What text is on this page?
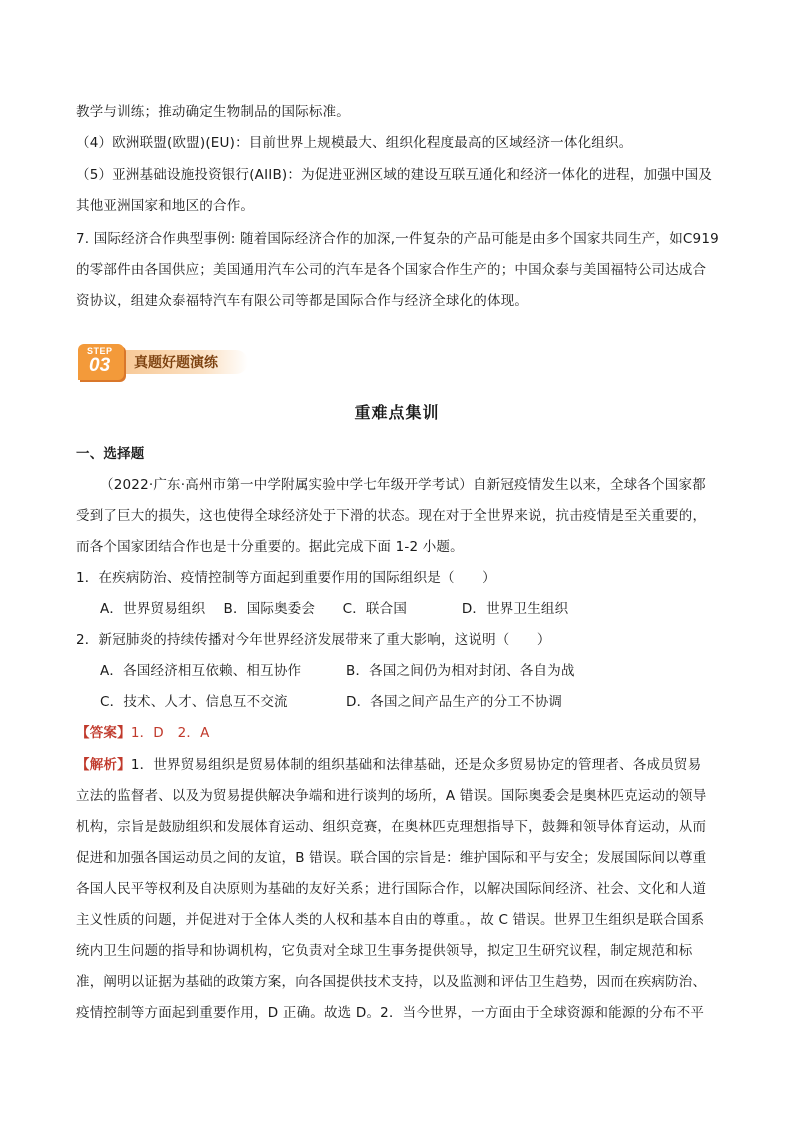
教学与训练；推动确定生物制品的国际标准。
（4）欧洲联盟(欧盟)(EU)：目前世界上规模最大、组织化程度最高的区域经济一体化组织。
（5）亚洲基础设施投资银行(AIIB)：为促进亚洲区域的建设互联互通化和经济一体化的进程，加强中国及
其他亚洲国家和地区的合作。
7. 国际经济合作典型事例: 随着国际经济合作的加深,一件复杂的产品可能是由多个国家共同生产，如C919
的零部件由各国供应；美国通用汽车公司的汽车是各个国家合作生产的；中国众泰与美国福特公司达成合
资协议，组建众泰福特汽车有限公司等都是国际合作与经济全球化的体现。
STEP
03 真题好题演练
重难点集训
一、选择题
（2022·广东·高州市第一中学附属实验中学七年级开学考试）自新冠疫情发生以来，全球各个国家都
受到了巨大的损失，这也使得全球经济处于下滑的状态。现在对于全世界来说，抗击疫情是至关重要的，
而各个国家团结合作也是十分重要的。据此完成下面 1-2 小题。
1．在疾病防治、疫情控制等方面起到重要作用的国际组织是（　　）
A．世界贸易组织　 B．国际奥委会　　C．联合国　　　　D．世界卫生组织
2．新冠肺炎的持续传播对今年世界经济发展带来了重大影响，这说明（　　）
A．各国经济相互依赖、相互协作	B．各国之间仍为相对封闭、各自为战
C．技术、人才、信息互不交流	D．各国之间产品生产的分工不协调
【答案】1．D　2．A
【解析】1．世界贸易组织是贸易体制的组织基础和法律基础，还是众多贸易协定的管理者、各成员贸易
立法的监督者、以及为贸易提供解决争端和进行谈判的场所，A 错误。国际奥委会是奥林匹克运动的领导
机构，宗旨是鼓励组织和发展体育运动、组织竞赛，在奥林匹克理想指导下，鼓舞和领导体育运动，从而
促进和加强各国运动员之间的友谊，B 错误。联合国的宗旨是：维护国际和平与安全；发展国际间以尊重
各国人民平等权利及自决原则为基础的友好关系；进行国际合作，以解决国际间经济、社会、文化和人道
主义性质的问题，并促进对于全体人类的人权和基本自由的尊重。，故 C 错误。世界卫生组织是联合国系
统内卫生问题的指导和协调机构，它负责对全球卫生事务提供领导，拟定卫生研究议程，制定规范和标
准，阐明以证据为基础的政策方案，向各国提供技术支持，以及监测和评估卫生趋势，因而在疾病防治、
疫情控制等方面起到重要作用，D 正确。故选 D。2．当今世界，一方面由于全球资源和能源的分布不平
